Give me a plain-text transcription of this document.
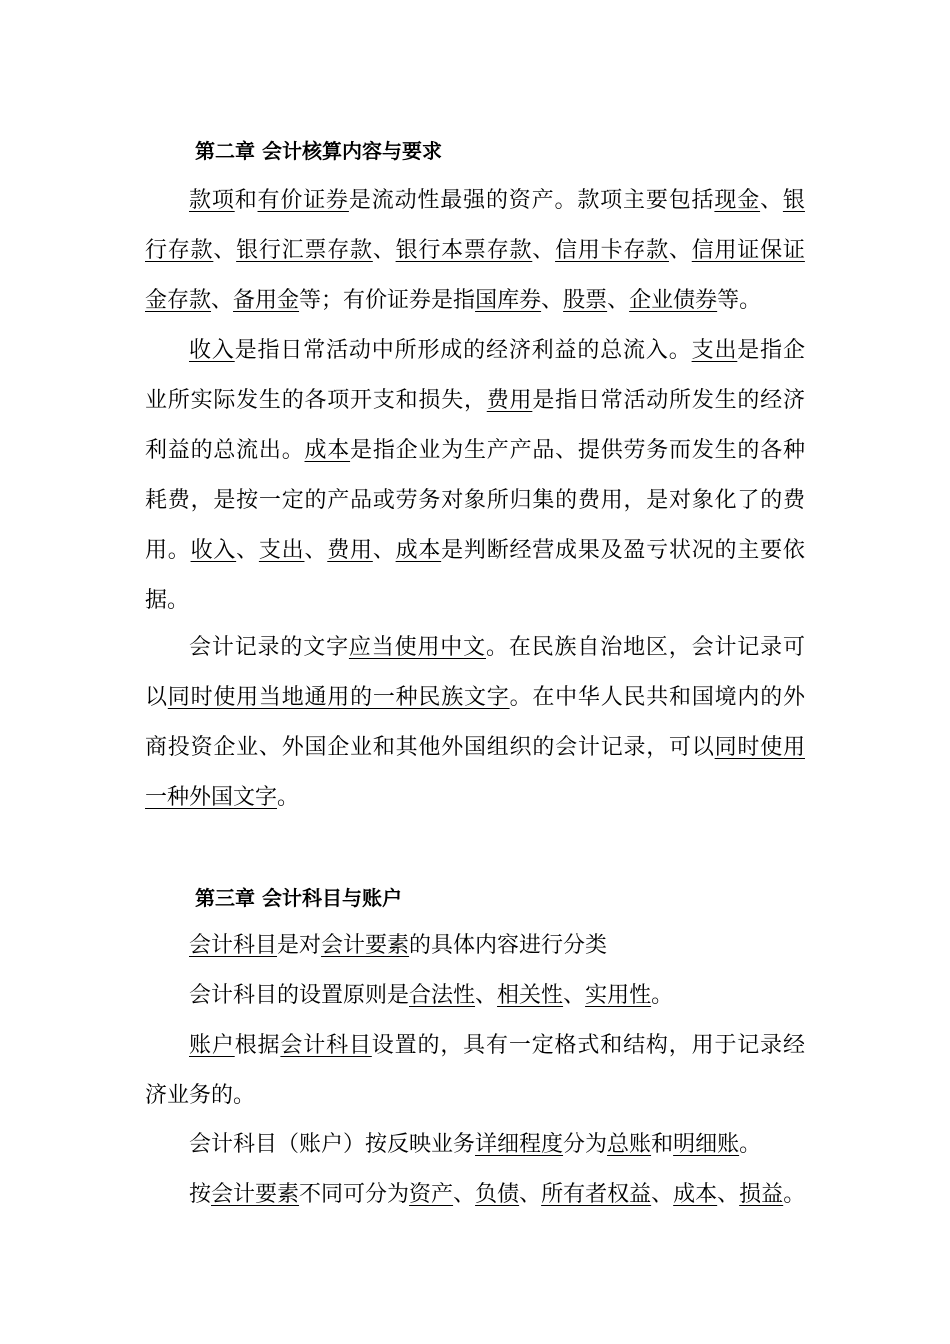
第二章 会计核算内容与要求

款项和有价证券是流动性最强的资产。款项主要包括现金、银行存款、银行汇票存款、银行本票存款、信用卡存款、信用证保证金存款、备用金等；有价证券是指国库券、股票、企业债券等。

收入是指日常活动中所形成的经济利益的总流入。支出是指企业所实际发生的各项开支和损失，费用是指日常活动所发生的经济利益的总流出。成本是指企业为生产产品、提供劳务而发生的各种耗费，是按一定的产品或劳务对象所归集的费用，是对象化了的费用。收入、支出、费用、成本是判断经营成果及盈亏状况的主要依据。

会计记录的文字应当使用中文。在民族自治地区，会计记录可以同时使用当地通用的一种民族文字。在中华人民共和国境内的外商投资企业、外国企业和其他外国组织的会计记录，可以同时使用一种外国文字。

第三章 会计科目与账户

会计科目是对会计要素的具体内容进行分类

会计科目的设置原则是合法性、相关性、实用性。

账户根据会计科目设置的，具有一定格式和结构，用于记录经济业务的。

会计科目（账户）按反映业务详细程度分为总账和明细账。

按会计要素不同可分为资产、负债、所有者权益、成本、损益。
